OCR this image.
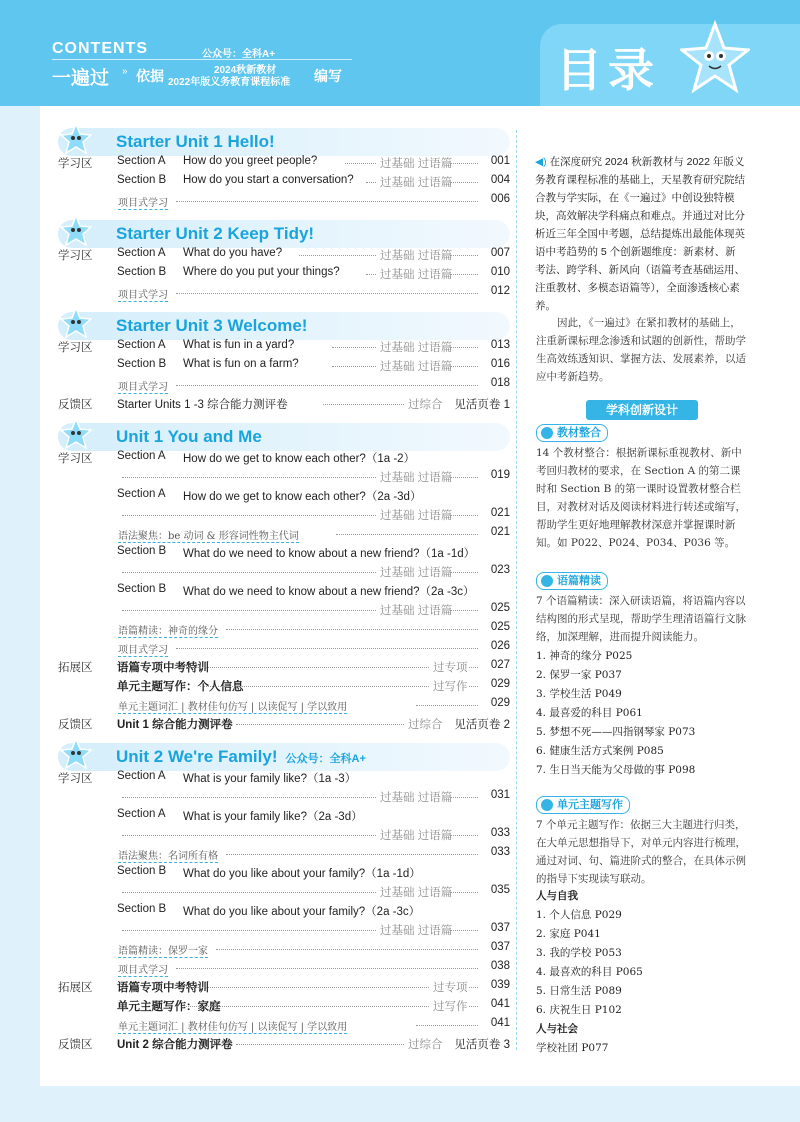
CONTENTS
一遍过 » 依据
公众号：全科A+
2024秋新教材
2022年版义务教育课程标准 编写	目录
Starter Unit 1 Hello!
Starter Unit 2 Keep Tidy!
Starter Unit 3 Welcome!
Unit 1 You and Me
Unit 2 We're Family! 公众号：全科A+
学习区 Section A How do you greet people?	过基础 过语篇	001
Section B How do you start a conversation? 过基础 过语篇	004
项目式学习	006
学习区 Section A What do you have?	过基础 过语篇	007
Section B Where do you put your things?	过基础 过语篇	010
项目式学习	012
学习区 Section A What is fun in a yard?	过基础 过语篇	013
Section B What is fun on a farm?	过基础 过语篇	016
项目式学习	018
反馈区 Starter Units 1 -3 综合能力测评卷	过综合 见活页卷 1
学习区 Section A How do we get to know each other?（1a -2）
过基础 过语篇	019
Section A How do we get to know each other?（2a -3d）
过基础 过语篇	021
语法聚焦：be 动词 & 形容词性物主代词	021
Section B What do we need to know about a new friend?（1a -1d）
过基础 过语篇	023
Section B What do we need to know about a new friend?（2a -3c）
过基础 过语篇	025
语篇精读：神奇的缘分	025
项目式学习	026
拓展区 语篇专项中考特训	过专项 027
单元主题写作：个人信息	过写作 029
单元主题词汇 | 教材佳句仿写 | 以读促写 | 学以致用	029
反馈区 Unit 1 综合能力测评卷	过综合 见活页卷 2
学习区 Section A What is your family like?（1a -3）
过基础 过语篇	031
Section A What is your family like?（2a -3d）
过基础 过语篇	033
语法聚焦：名词所有格	033
Section B What do you like about your family?（1a -1d）
过基础 过语篇	035
Section B What do you like about your family?（2a -3c）
过基础 过语篇	037
语篇精读：保罗一家	037
项目式学习	038
拓展区 语篇专项中考特训	过专项 039
单元主题写作：家庭	过写作 041
单元主题词汇 | 教材佳句仿写 | 以读促写 | 学以致用	041
反馈区 Unit 2 综合能力测评卷	过综合 见活页卷 3
◀) 在深度研究 2024 秋新教材与 2022 年版义务教育课程标准的基础上，天星教育研究院结合教与学实际，在《一遍过》中创设独特模块，高效解决学科痛点和难点。并通过对比分析近三年全国中考题，总结提炼出最能体现英语中考趋势的 5 个创新题维度：新素材、新考法、跨学科、新风向（语篇考查基础运用、注重教材、多模态语篇等），全面渗透核心素养。
因此，《一遍过》在紧扣教材的基础上，注重新课标理念渗透和试题的创新性，帮助学生高效练透知识、掌握方法、发展素养，以适应中考新趋势。
学科创新设计
教材整合
14 个教材整合：根据新课标重视教材、新中考回归教材的要求，在 Section A 的第二课时和 Section B 的第一课时设置教材整合栏目，对教材对话及阅读材料进行转述或缩写，帮助学生更好地理解教材深意并掌握课时新知。如 P022、P024、P034、P036 等。
语篇精读
7 个语篇精读：深入研读语篇，将语篇内容以结构图的形式呈现，帮助学生理清语篇行文脉络，加深理解，进而提升阅读能力。
1. 神奇的缘分 P025
2. 保罗一家 P037
3. 学校生活 P049
4. 最喜爱的科目 P061
5. 梦想不死——四指钢琴家 P073
6. 健康生活方式案例 P085
7. 生日当天能为父母做的事 P098
单元主题写作
7 个单元主题写作：依据三大主题进行归类，在大单元思想指导下，对单元内容进行梳理，通过对词、句、篇进阶式的整合，在具体示例的指导下实现读写联动。
人与自我
1. 个人信息 P029
2. 家庭 P041
3. 我的学校 P053
4. 最喜欢的科目 P065
5. 日常生活 P089
6. 庆祝生日 P102
人与社会
学校社团 P077
